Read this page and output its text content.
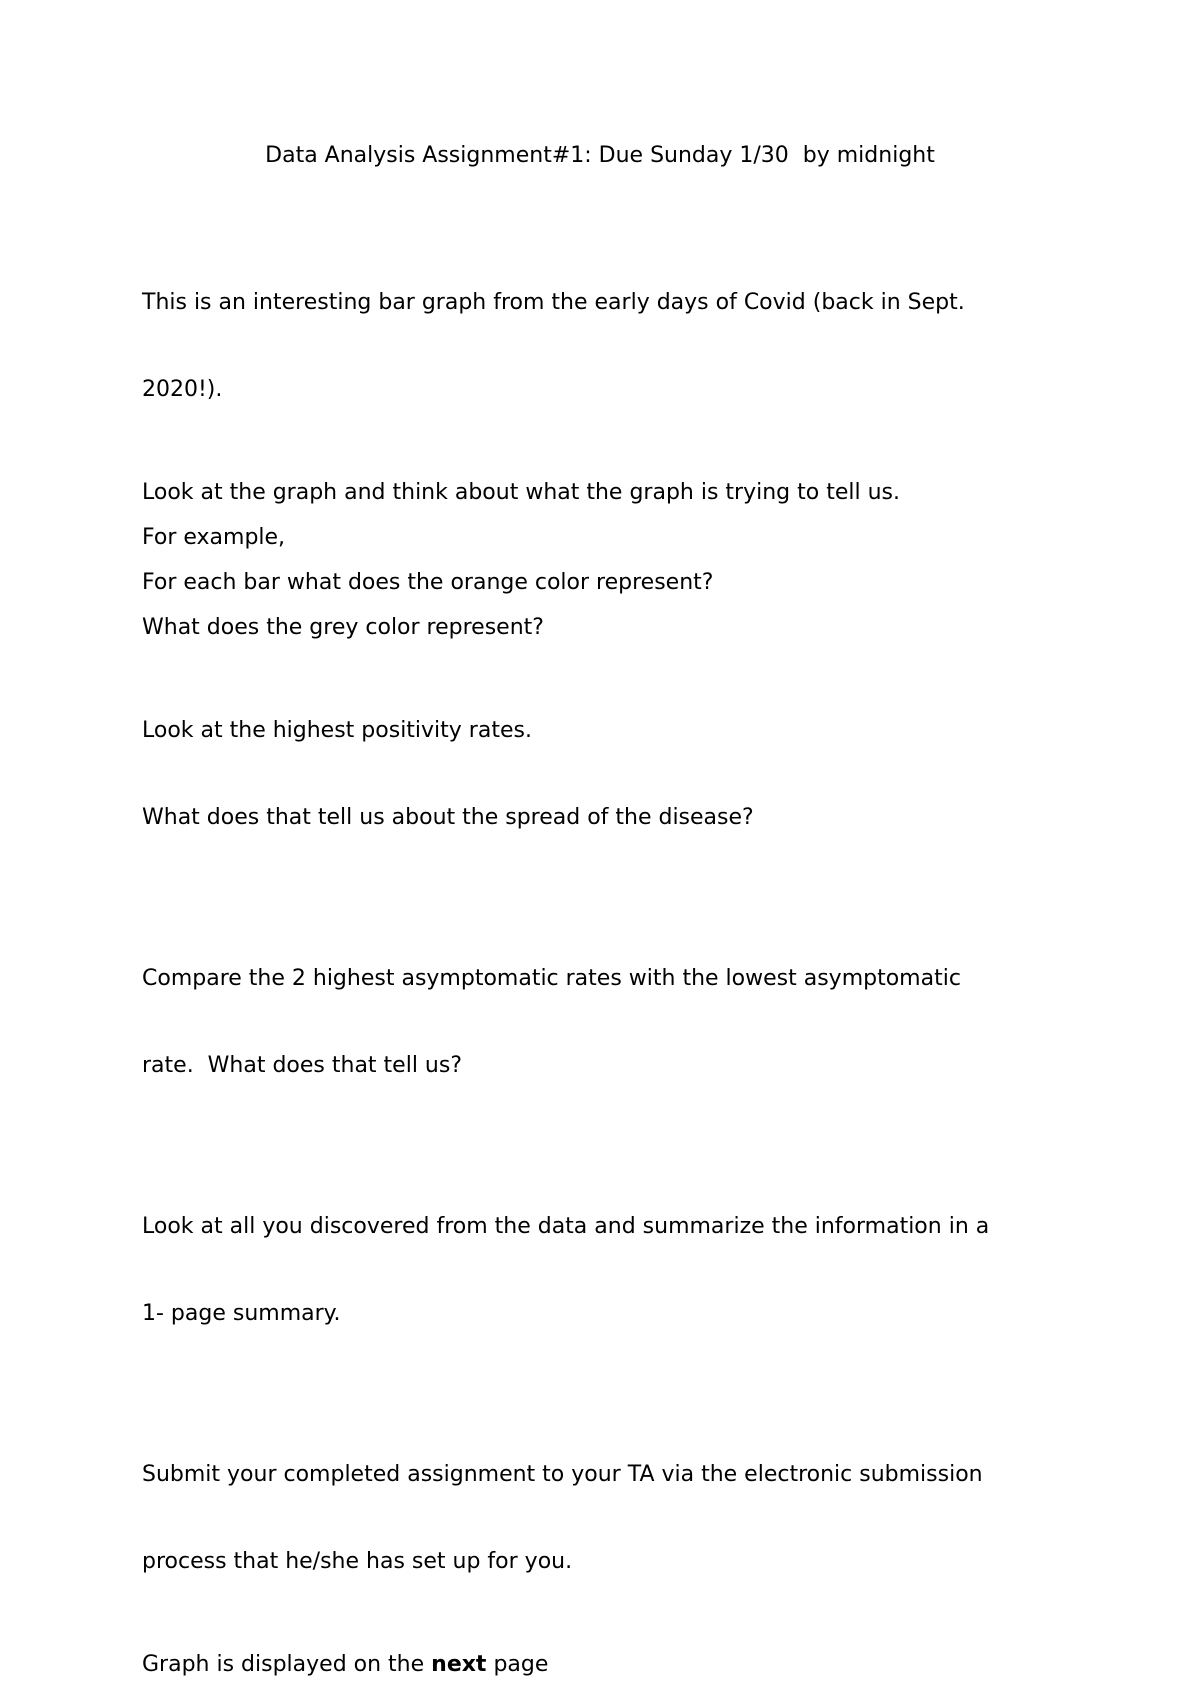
Data Analysis Assignment#1: Due Sunday 1/30  by midnight

This is an interesting bar graph from the early days of Covid (back in Sept.

2020!).

Look at the graph and think about what the graph is trying to tell us.

For example,

For each bar what does the orange color represent?

What does the grey color represent?

Look at the highest positivity rates.

What does that tell us about the spread of the disease?

Compare the 2 highest asymptomatic rates with the lowest asymptomatic

rate.  What does that tell us?

Look at all you discovered from the data and summarize the information in a

1- page summary.

Submit your completed assignment to your TA via the electronic submission

process that he/she has set up for you.

Graph is displayed on the next page
